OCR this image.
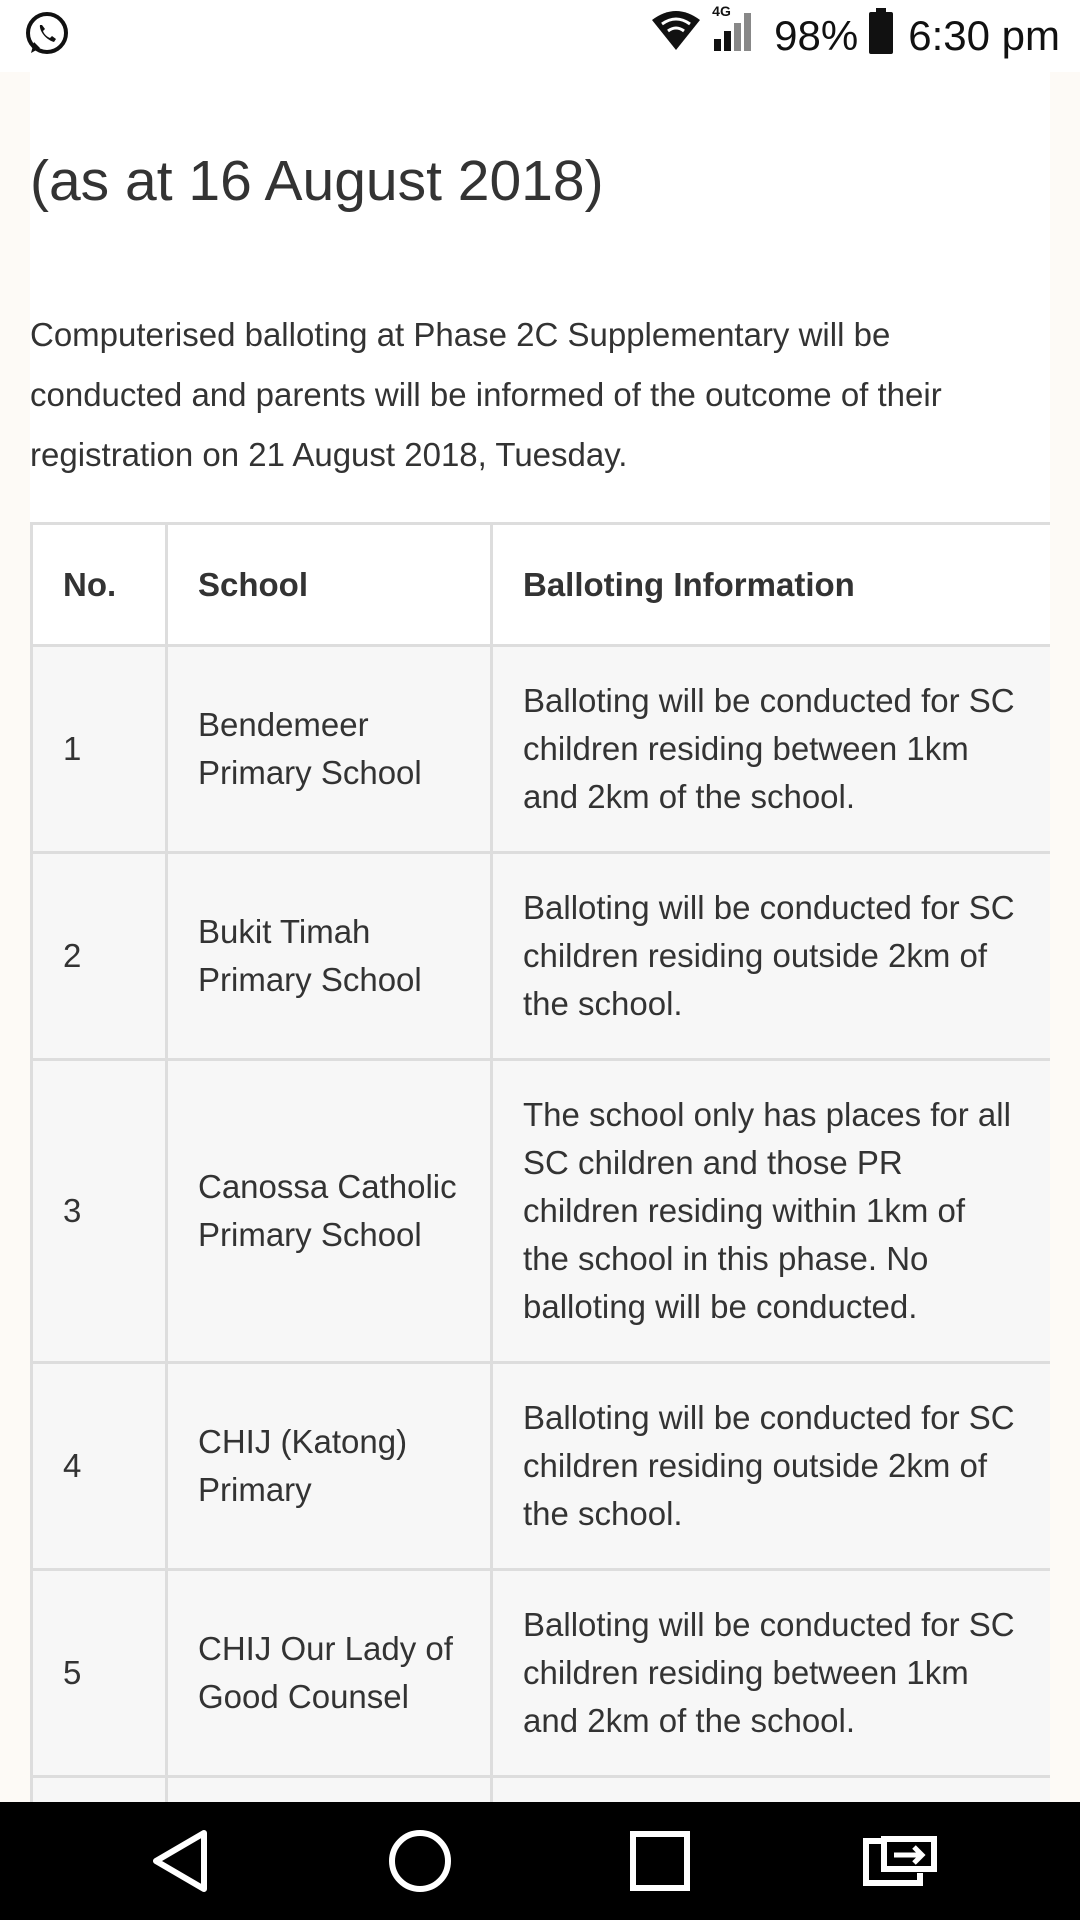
4G
98% 6:30 pm
(as at 16 August 2018)

Computerised balloting at Phase 2C Supplementary will be conducted and parents will be informed of the outcome of their registration on 21 August 2018, Tuesday.

No.	School	Balloting Information
1	Bendemeer Primary School	Balloting will be conducted for SC children residing between 1km and 2km of the school.
2	Bukit Timah Primary School	Balloting will be conducted for SC children residing outside 2km of the school.
3	Canossa Catholic Primary School	The school only has places for all SC children and those PR children residing within 1km of the school in this phase. No balloting will be conducted.
4	CHIJ (Katong) Primary	Balloting will be conducted for SC children residing outside 2km of the school.
5	CHIJ Our Lady of Good Counsel	Balloting will be conducted for SC children residing between 1km and 2km of the school.
